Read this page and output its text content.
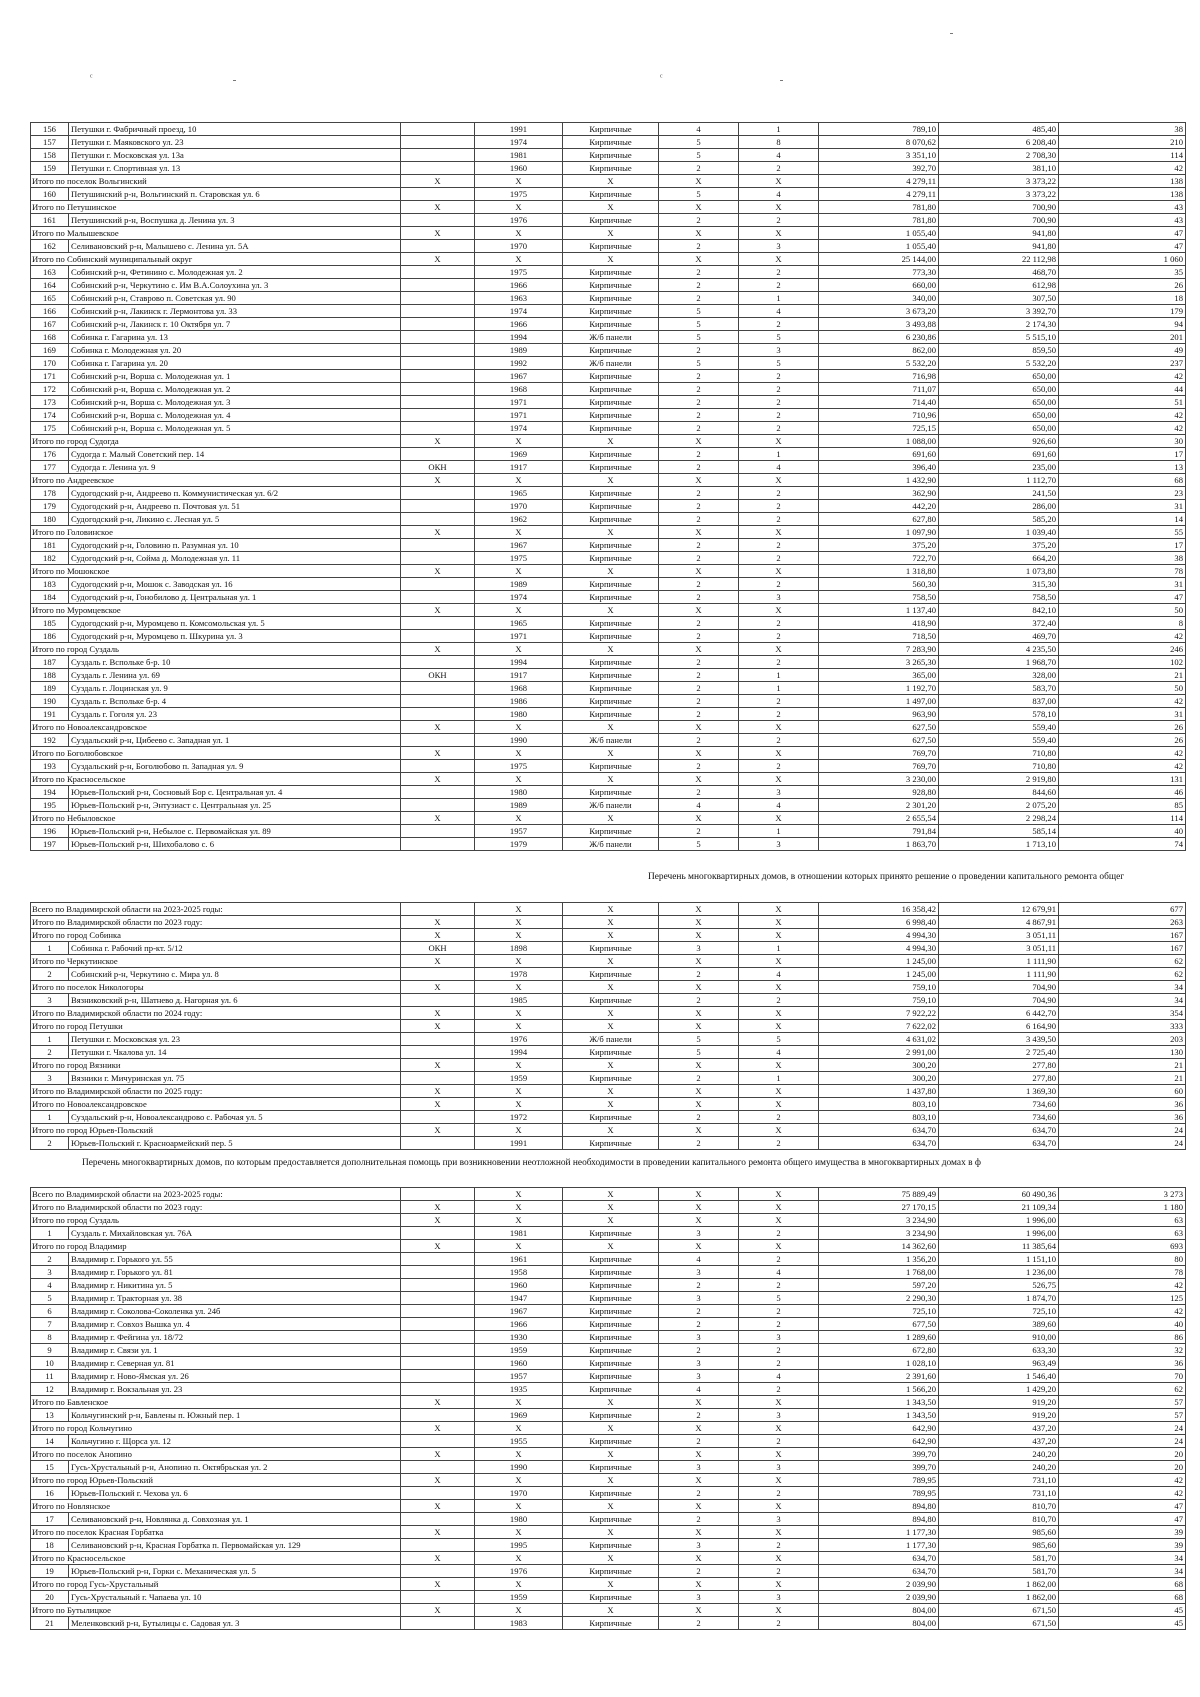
ᶜ	ᶜ
156	Петушки г. Фабричный проезд, 10		1991	Кирпичные	4	1	789,10	485,40	38
157	Петушки г. Маяковского ул. 23		1974	Кирпичные	5	8	8 070,62	6 208,40	210
158	Петушки г. Московская ул. 13а		1981	Кирпичные	5	4	3 351,10	2 708,30	114
159	Петушки г. Спортивная ул. 13		1960	Кирпичные	2	2	392,70	381,10	42
Итого по поселок Вольгинский		X	X	X	X	X	4 279,11	3 373,22	138
160	Петушинский р-н, Вольгинский п. Старовская ул. 6		1975	Кирпичные	5	4	4 279,11	3 373,22	138
Итого по Петушинское		X	X	X	X	X	781,80	700,90	43
161	Петушинский р-н, Воспушка д. Ленина ул. 3		1976	Кирпичные	2	2	781,80	700,90	43
Итого по Малышевское		X	X	X	X	X	1 055,40	941,80	47
162	Селивановский р-н, Малышево с. Ленина ул. 5А		1970	Кирпичные	2	3	1 055,40	941,80	47
Итого по Собинский муниципальный округ		X	X	X	X	X	25 144,00	22 112,98	1 060
163	Собинский р-н, Фетинино с. Молодежная ул. 2		1975	Кирпичные	2	2	773,30	468,70	35
164	Собинский р-н, Черкутино с. Им В.А.Солоухина ул. 3		1966	Кирпичные	2	2	660,00	612,98	26
165	Собинский р-н, Ставрово п. Советская ул. 90		1963	Кирпичные	2	1	340,00	307,50	18
166	Собинский р-н, Лакинск г. Лермонтова ул. 33		1974	Кирпичные	5	4	3 673,20	3 392,70	179
167	Собинский р-н, Лакинск г. 10 Октября ул. 7		1966	Кирпичные	5	2	3 493,88	2 174,30	94
168	Собинка г. Гагарина ул. 13		1994	Ж/б панели	5	5	6 230,86	5 515,10	201
169	Собинка г. Молодежная ул. 20		1989	Кирпичные	2	3	862,00	859,50	49
170	Собинка г. Гагарина ул. 20		1992	Ж/б панели	5	5	5 532,20	5 532,20	237
171	Собинский р-н, Ворша с. Молодежная ул. 1		1967	Кирпичные	2	2	716,98	650,00	42
172	Собинский р-н, Ворша с. Молодежная ул. 2		1968	Кирпичные	2	2	711,07	650,00	44
173	Собинский р-н, Ворша с. Молодежная ул. 3		1971	Кирпичные	2	2	714,40	650,00	51
174	Собинский р-н, Ворша с. Молодежная ул. 4		1971	Кирпичные	2	2	710,96	650,00	42
175	Собинский р-н, Ворша с. Молодежная ул. 5		1974	Кирпичные	2	2	725,15	650,00	42
Итого по город Судогда		X	X	X	X	X	1 088,00	926,60	30
176	Судогда г. Малый Советский пер. 14		1969	Кирпичные	2	1	691,60	691,60	17
177	Судогда г. Ленина ул. 9	ОКН	1917	Кирпичные	2	4	396,40	235,00	13
Итого по Андреевское		X	X	X	X	X	1 432,90	1 112,70	68
178	Судогодский р-н, Андреево п. Коммунистическая ул. 6/2		1965	Кирпичные	2	2	362,90	241,50	23
179	Судогодский р-н, Андреево п. Почтовая ул. 51		1970	Кирпичные	2	2	442,20	286,00	31
180	Судогодский р-н, Ликино с. Лесная ул. 5		1962	Кирпичные	2	2	627,80	585,20	14
Итого по Головинское		X	X	X	X	X	1 097,90	1 039,40	55
181	Судогодский р-н, Головино п. Разумная ул. 10		1967	Кирпичные	2	2	375,20	375,20	17
182	Судогодский р-н, Сойма д. Молодежная ул. 11		1975	Кирпичные	2	2	722,70	664,20	38
Итого по Мошокское		X	X	X	X	X	1 318,80	1 073,80	78
183	Судогодский р-н, Мошок с. Заводская ул. 16		1989	Кирпичные	2	2	560,30	315,30	31
184	Судогодский р-н, Гонобилово д. Центральная ул. 1		1974	Кирпичные	2	3	758,50	758,50	47
Итого по Муромцевское		X	X	X	X	X	1 137,40	842,10	50
185	Судогодский р-н, Муромцево п. Комсомольская ул. 5		1965	Кирпичные	2	2	418,90	372,40	8
186	Судогодский р-н, Муромцево п. Шкурина ул. 3		1971	Кирпичные	2	2	718,50	469,70	42
Итого по город Суздаль		X	X	X	X	X	7 283,90	4 235,50	246
187	Суздаль г. Вспольке б-р. 10		1994	Кирпичные	2	2	3 265,30	1 968,70	102
188	Суздаль г. Ленина ул. 69	ОКН	1917	Кирпичные	2	1	365,00	328,00	21
189	Суздаль г. Лоцинская ул. 9		1968	Кирпичные	2	1	1 192,70	583,70	50
190	Суздаль г. Вспольке б-р. 4		1986	Кирпичные	2	2	1 497,00	837,00	42
191	Суздаль г. Гоголя ул. 23		1980	Кирпичные	2	2	963,90	578,10	31
Итого по Новоалександровское		X	X	X	X	X	627,50	559,40	26
192	Суздальский р-н, Цибеево с. Западная ул. 1		1990	Ж/б панели	2	2	627,50	559,40	26
Итого по Боголюбовское		X	X	X	X	X	769,70	710,80	42
193	Суздальский р-н, Боголюбово п. Западная ул. 9		1975	Кирпичные	2	2	769,70	710,80	42
Итого по Красносельское		X	X	X	X	X	3 230,00	2 919,80	131
194	Юрьев-Польский р-н, Сосновый Бор с. Центральная ул. 4		1980	Кирпичные	2	3	928,80	844,60	46
195	Юрьев-Польский р-н, Энтузиаст с. Центральная ул. 25		1989	Ж/б панели	4	4	2 301,20	2 075,20	85
Итого по Небыловское		X	X	X	X	X	2 655,54	2 298,24	114
196	Юрьев-Польский р-н, Небылое с. Первомайская ул. 89		1957	Кирпичные	2	1	791,84	585,14	40
197	Юрьев-Польский р-н, Шихобалово с. 6		1979	Ж/б панели	5	3	1 863,70	1 713,10	74
Перечень многоквартирных домов, в отношении которых принято решение о проведении капитального ремонта общег
Всего по Владимирской области на 2023-2025 годы:			X	X	X	X	16 358,42	12 679,91	677
Итого по Владимирской области по 2023 году:		X	X	X	X	X	6 998,40	4 867,91	263
Итого по город Собинка		X	X	X	X	X	4 994,30	3 051,11	167
1	Собинка г. Рабочий пр-кт. 5/12	ОКН	1898	Кирпичные	3	1	4 994,30	3 051,11	167
Итого по Черкутинское		X	X	X	X	X	1 245,00	1 111,90	62
2	Собинский р-н, Черкутино с. Мира ул. 8		1978	Кирпичные	2	4	1 245,00	1 111,90	62
Итого по поселок Никологоры		X	X	X	X	X	759,10	704,90	34
3	Вязниковский р-н, Шатнево д. Нагорная ул. 6		1985	Кирпичные	2	2	759,10	704,90	34
Итого по Владимирской области по 2024 году:		X	X	X	X	X	7 922,22	6 442,70	354
Итого по город Петушки		X	X	X	X	X	7 622,02	6 164,90	333
1	Петушки г. Московская ул. 23		1976	Ж/б панели	5	5	4 631,02	3 439,50	203
2	Петушки г. Чкалова ул. 14		1994	Кирпичные	5	4	2 991,00	2 725,40	130
Итого по город Вязники		X	X	X	X	X	300,20	277,80	21
3	Вязники г. Мичуринская ул. 75		1959	Кирпичные	2	1	300,20	277,80	21
Итого по Владимирской области по 2025 году:		X	X	X	X	X	1 437,80	1 369,30	60
Итого по Новоалександровское		X	X	X	X	X	803,10	734,60	36
1	Суздальский р-н, Новоалександрово с. Рабочая ул. 5		1972	Кирпичные	2	2	803,10	734,60	36
Итого по город Юрьев-Польский		X	X	X	X	X	634,70	634,70	24
2	Юрьев-Польский г. Красноармейский пер. 5		1991	Кирпичные	2	2	634,70	634,70	24
Перечень многоквартирных домов, по которым предоставляется дополнительная помощь при возникновении неотложной необходимости в проведении капитального ремонта общего имущества в многоквартирных домах в ф
Всего по Владимирской области на 2023-2025 годы:			X	X	X	X	75 889,49	60 490,36	3 273
Итого по Владимирской области по 2023 году:		X	X	X	X	X	27 170,15	21 109,34	1 180
Итого по город Суздаль		X	X	X	X	X	3 234,90	1 996,00	63
1	Суздаль г. Михайловская ул. 76А		1981	Кирпичные	3	2	3 234,90	1 996,00	63
Итого по город Владимир		X	X	X	X	X	14 362,60	11 385,64	693
2	Владимир г. Горького ул. 55		1961	Кирпичные	4	2	1 356,20	1 151,10	80
3	Владимир г. Горького ул. 81		1958	Кирпичные	3	4	1 768,00	1 236,00	78
4	Владимир г. Никитина ул. 5		1960	Кирпичные	2	2	597,20	526,75	42
5	Владимир г. Тракторная ул. 38		1947	Кирпичные	3	5	2 290,30	1 874,70	125
6	Владимир г. Соколова-Соколенка ул. 24б		1967	Кирпичные	2	2	725,10	725,10	42
7	Владимир г. Совхоз Вышка ул. 4		1966	Кирпичные	2	2	677,50	389,60	40
8	Владимир г. Фейгина ул. 18/72		1930	Кирпичные	3	3	1 289,60	910,00	86
9	Владимир г. Связи ул. 1		1959	Кирпичные	2	2	672,80	633,30	32
10	Владимир г. Северная ул. 81		1960	Кирпичные	3	2	1 028,10	963,49	36
11	Владимир г. Ново-Ямская ул. 26		1957	Кирпичные	3	4	2 391,60	1 546,40	70
12	Владимир г. Вокзальная ул. 23		1935	Кирпичные	4	2	1 566,20	1 429,20	62
Итого по Бавленское		X	X	X	X	X	1 343,50	919,20	57
13	Кольчугинский р-н, Бавлены п. Южный пер. 1		1969	Кирпичные	2	3	1 343,50	919,20	57
Итого по город Кольчугино		X	X	X	X	X	642,90	437,20	24
14	Кольчугино г. Щорса ул. 12		1955	Кирпичные	2	2	642,90	437,20	24
Итого по поселок Анопино		X	X	X	X	X	399,70	240,20	20
15	Гусь-Хрустальный р-н, Анопино п. Октябрьская ул. 2		1990	Кирпичные	3	3	399,70	240,20	20
Итого по город Юрьев-Польский		X	X	X	X	X	789,95	731,10	42
16	Юрьев-Польский г. Чехова ул. 6		1970	Кирпичные	2	2	789,95	731,10	42
Итого по Новлянское		X	X	X	X	X	894,80	810,70	47
17	Селивановский р-н, Новлянка д. Совхозная ул. 1		1980	Кирпичные	2	3	894,80	810,70	47
Итого по поселок Красная Горбатка		X	X	X	X	X	1 177,30	985,60	39
18	Селивановский р-н, Красная Горбатка п. Первомайская ул. 129		1995	Кирпичные	3	2	1 177,30	985,60	39
Итого по Красносельское		X	X	X	X	X	634,70	581,70	34
19	Юрьев-Польский р-н, Горки с. Механическая ул. 5		1976	Кирпичные	2	2	634,70	581,70	34
Итого по город Гусь-Хрустальный		X	X	X	X	X	2 039,90	1 862,00	68
20	Гусь-Хрустальный г. Чапаева ул. 10		1959	Кирпичные	3	3	2 039,90	1 862,00	68
Итого по Бутылицкое		X	X	X	X	X	804,00	671,50	45
21	Меленковский р-н, Бутылицы с. Садовая ул. 3		1983	Кирпичные	2	2	804,00	671,50	45
